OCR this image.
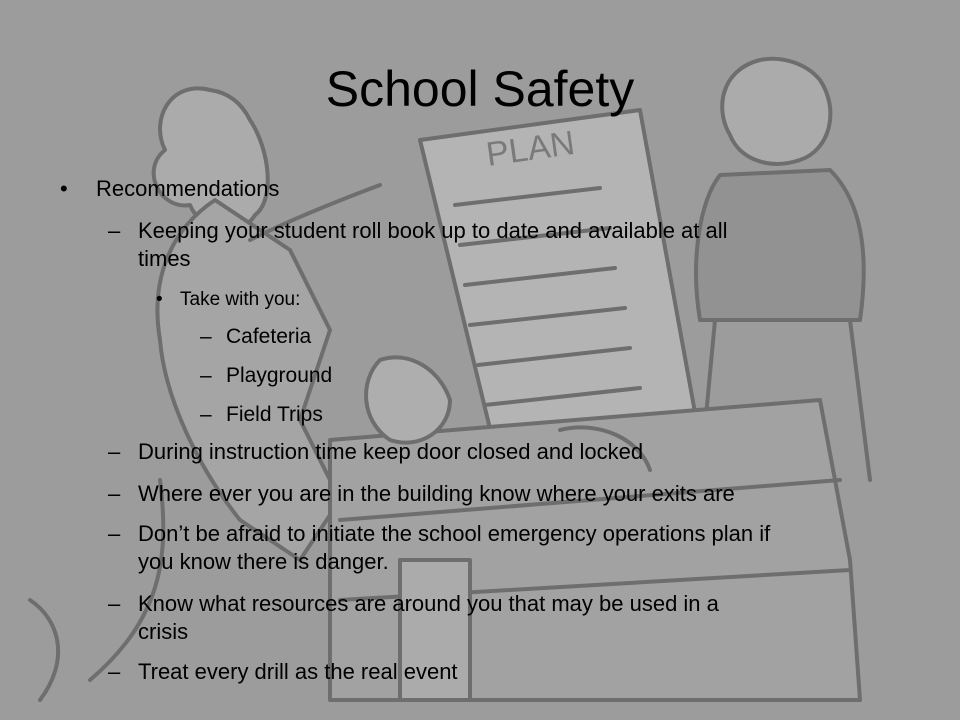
PLAN
School Safety
• Recommendations
– Keeping your student roll book up to date and available at all
times
• Take with you:
– Cafeteria
– Playground
– Field Trips
– During instruction time keep door closed and locked
– Where ever you are in the building know where your exits are
– Don’t be afraid to initiate the school emergency operations plan if
you know there is danger.
– Know what resources are around you that may be used in a
crisis
– Treat every drill as the real event
